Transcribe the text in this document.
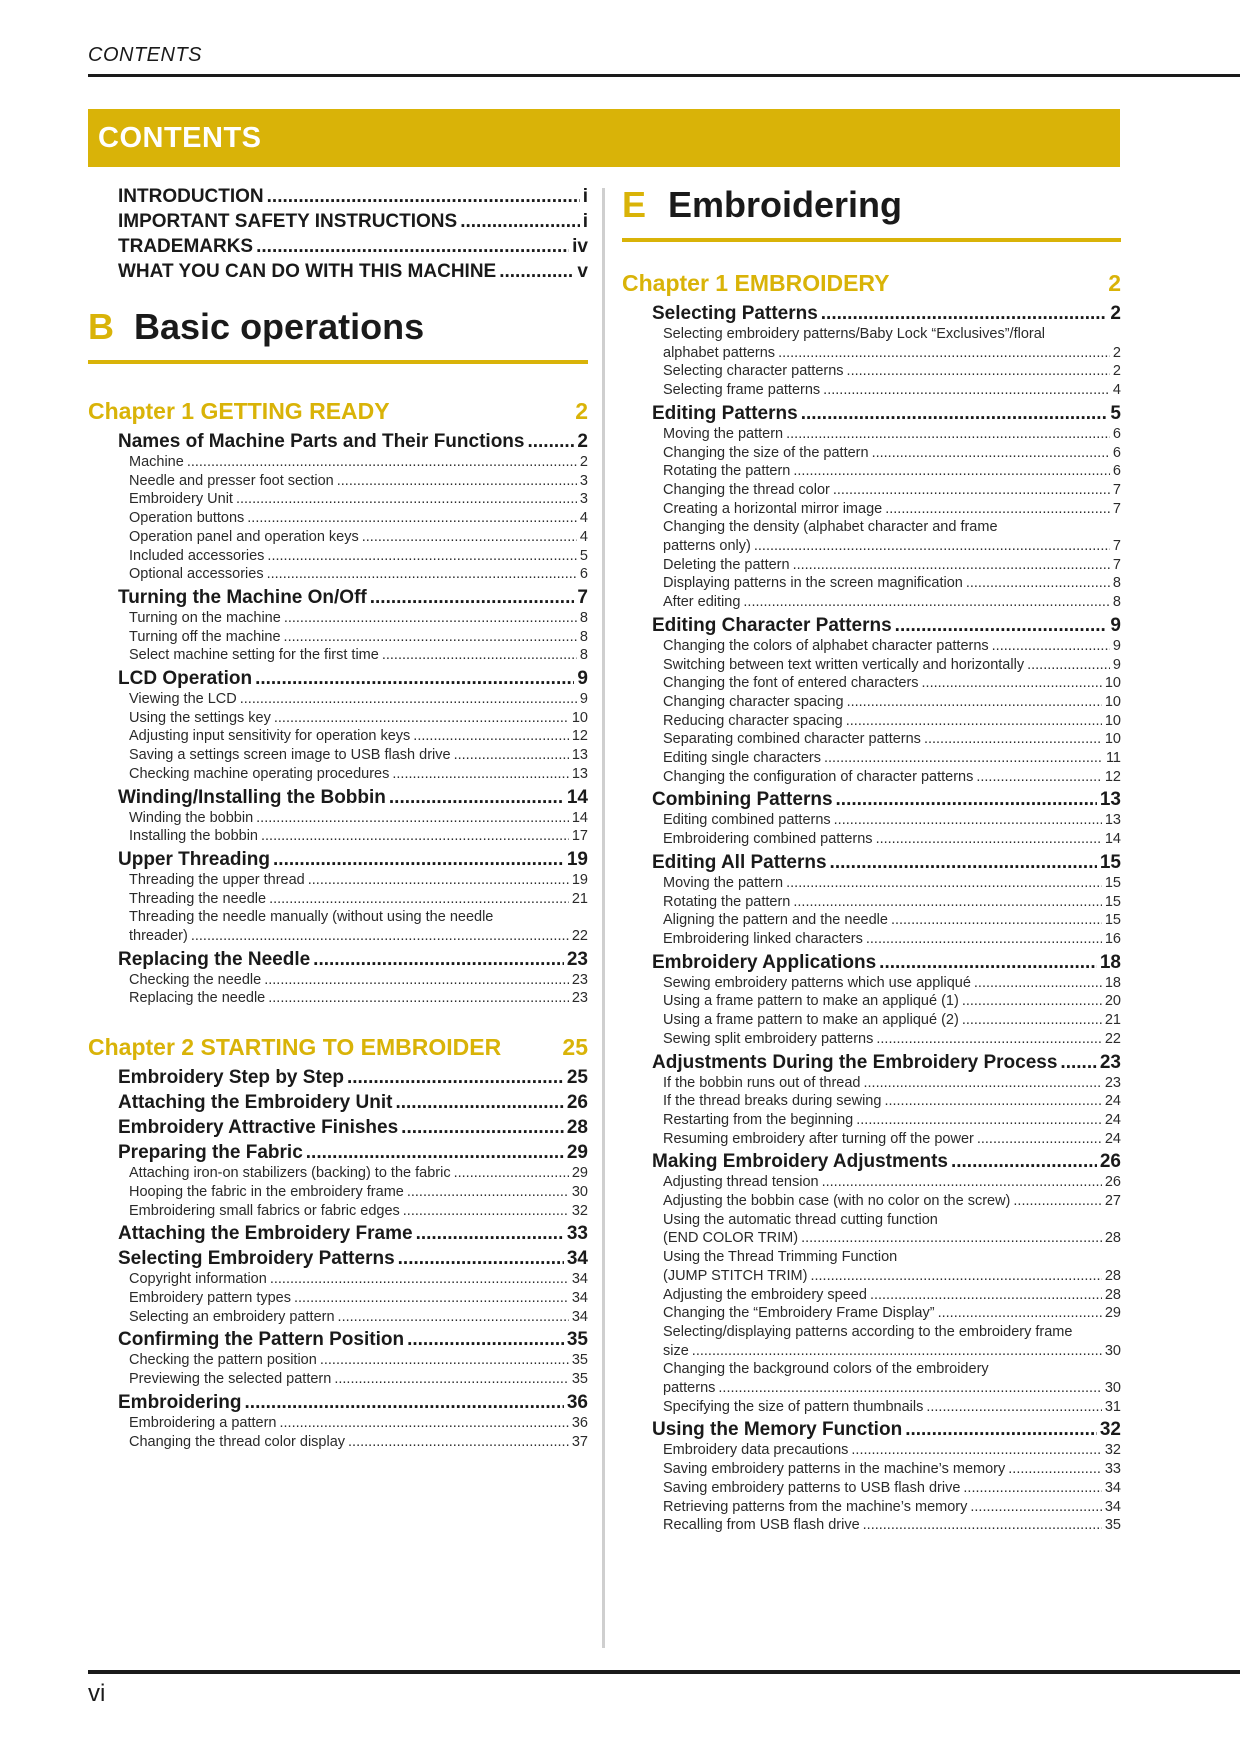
CONTENTS
CONTENTS
INTRODUCTION .....	i
IMPORTANT SAFETY INSTRUCTIONS .....	i
TRADEMARKS .....	iv
WHAT YOU CAN DO WITH THIS MACHINE .....	v
B Basic operations
Chapter 1 GETTING READY	2
Names of Machine Parts and Their Functions .....	2
Machine .....	2
Needle and presser foot section .....	3
Embroidery Unit .....	3
Operation buttons .....	4
Operation panel and operation keys .....	4
Included accessories .....	5
Optional accessories .....	6
Turning the Machine On/Off .....	7
Turning on the machine .....	8
Turning off the machine .....	8
Select machine setting for the first time .....	8
LCD Operation .....	9
Viewing the LCD .....	9
Using the settings key .....	10
Adjusting input sensitivity for operation keys .....	12
Saving a settings screen image to USB flash drive .....	13
Checking machine operating procedures .....	13
Winding/Installing the Bobbin .....	14
Winding the bobbin .....	14
Installing the bobbin .....	17
Upper Threading .....	19
Threading the upper thread .....	19
Threading the needle .....	21
Threading the needle manually (without using the needle
threader) .....	22
Replacing the Needle .....	23
Checking the needle .....	23
Replacing the needle .....	23
Chapter 2 STARTING TO EMBROIDER	25
Embroidery Step by Step .....	25
Attaching the Embroidery Unit .....	26
Embroidery Attractive Finishes .....	28
Preparing the Fabric .....	29
Attaching iron-on stabilizers (backing) to the fabric .....	29
Hooping the fabric in the embroidery frame .....	30
Embroidering small fabrics or fabric edges .....	32
Attaching the Embroidery Frame .....	33
Selecting Embroidery Patterns .....	34
Copyright information .....	34
Embroidery pattern types .....	34
Selecting an embroidery pattern .....	34
Confirming the Pattern Position .....	35
Checking the pattern position .....	35
Previewing the selected pattern .....	35
Embroidering .....	36
Embroidering a pattern .....	36
Changing the thread color display .....	37
E Embroidering
Chapter 1 EMBROIDERY	2
Selecting Patterns .....	2
Selecting embroidery patterns/Baby Lock “Exclusives”/floral
alphabet patterns .....	2
Selecting character patterns .....	2
Selecting frame patterns .....	4
Editing Patterns .....	5
Moving the pattern .....	6
Changing the size of the pattern .....	6
Rotating the pattern .....	6
Changing the thread color .....	7
Creating a horizontal mirror image .....	7
Changing the density (alphabet character and frame
patterns only) .....	7
Deleting the pattern .....	7
Displaying patterns in the screen magnification .....	8
After editing .....	8
Editing Character Patterns .....	9
Changing the colors of alphabet character patterns .....	9
Switching between text written vertically and horizontally .....	9
Changing the font of entered characters .....	10
Changing character spacing .....	10
Reducing character spacing .....	10
Separating combined character patterns .....	10
Editing single characters .....	11
Changing the configuration of character patterns .....	12
Combining Patterns .....	13
Editing combined patterns .....	13
Embroidering combined patterns .....	14
Editing All Patterns .....	15
Moving the pattern .....	15
Rotating the pattern .....	15
Aligning the pattern and the needle .....	15
Embroidering linked characters .....	16
Embroidery Applications .....	18
Sewing embroidery patterns which use appliqué .....	18
Using a frame pattern to make an appliqué (1) .....	20
Using a frame pattern to make an appliqué (2) .....	21
Sewing split embroidery patterns .....	22
Adjustments During the Embroidery Process ..... 23
If the bobbin runs out of thread .....	23
If the thread breaks during sewing .....	24
Restarting from the beginning .....	24
Resuming embroidery after turning off the power .....	24
Making Embroidery Adjustments .....	26
Adjusting thread tension .....	26
Adjusting the bobbin case (with no color on the screw) .....	27
Using the automatic thread cutting function
(END COLOR TRIM) .....	28
Using the Thread Trimming Function
(JUMP STITCH TRIM) .....	28
Adjusting the embroidery speed .....	28
Changing the “Embroidery Frame Display” .....	29
Selecting/displaying patterns according to the embroidery frame
size .....	30
Changing the background colors of the embroidery
patterns .....	30
Specifying the size of pattern thumbnails .....	31
Using the Memory Function .....	32
Embroidery data precautions .....	32
Saving embroidery patterns in the machine’s memory .....	33
Saving embroidery patterns to USB flash drive .....	34
Retrieving patterns from the machine’s memory .....	34
Recalling from USB flash drive .....	35
vi
